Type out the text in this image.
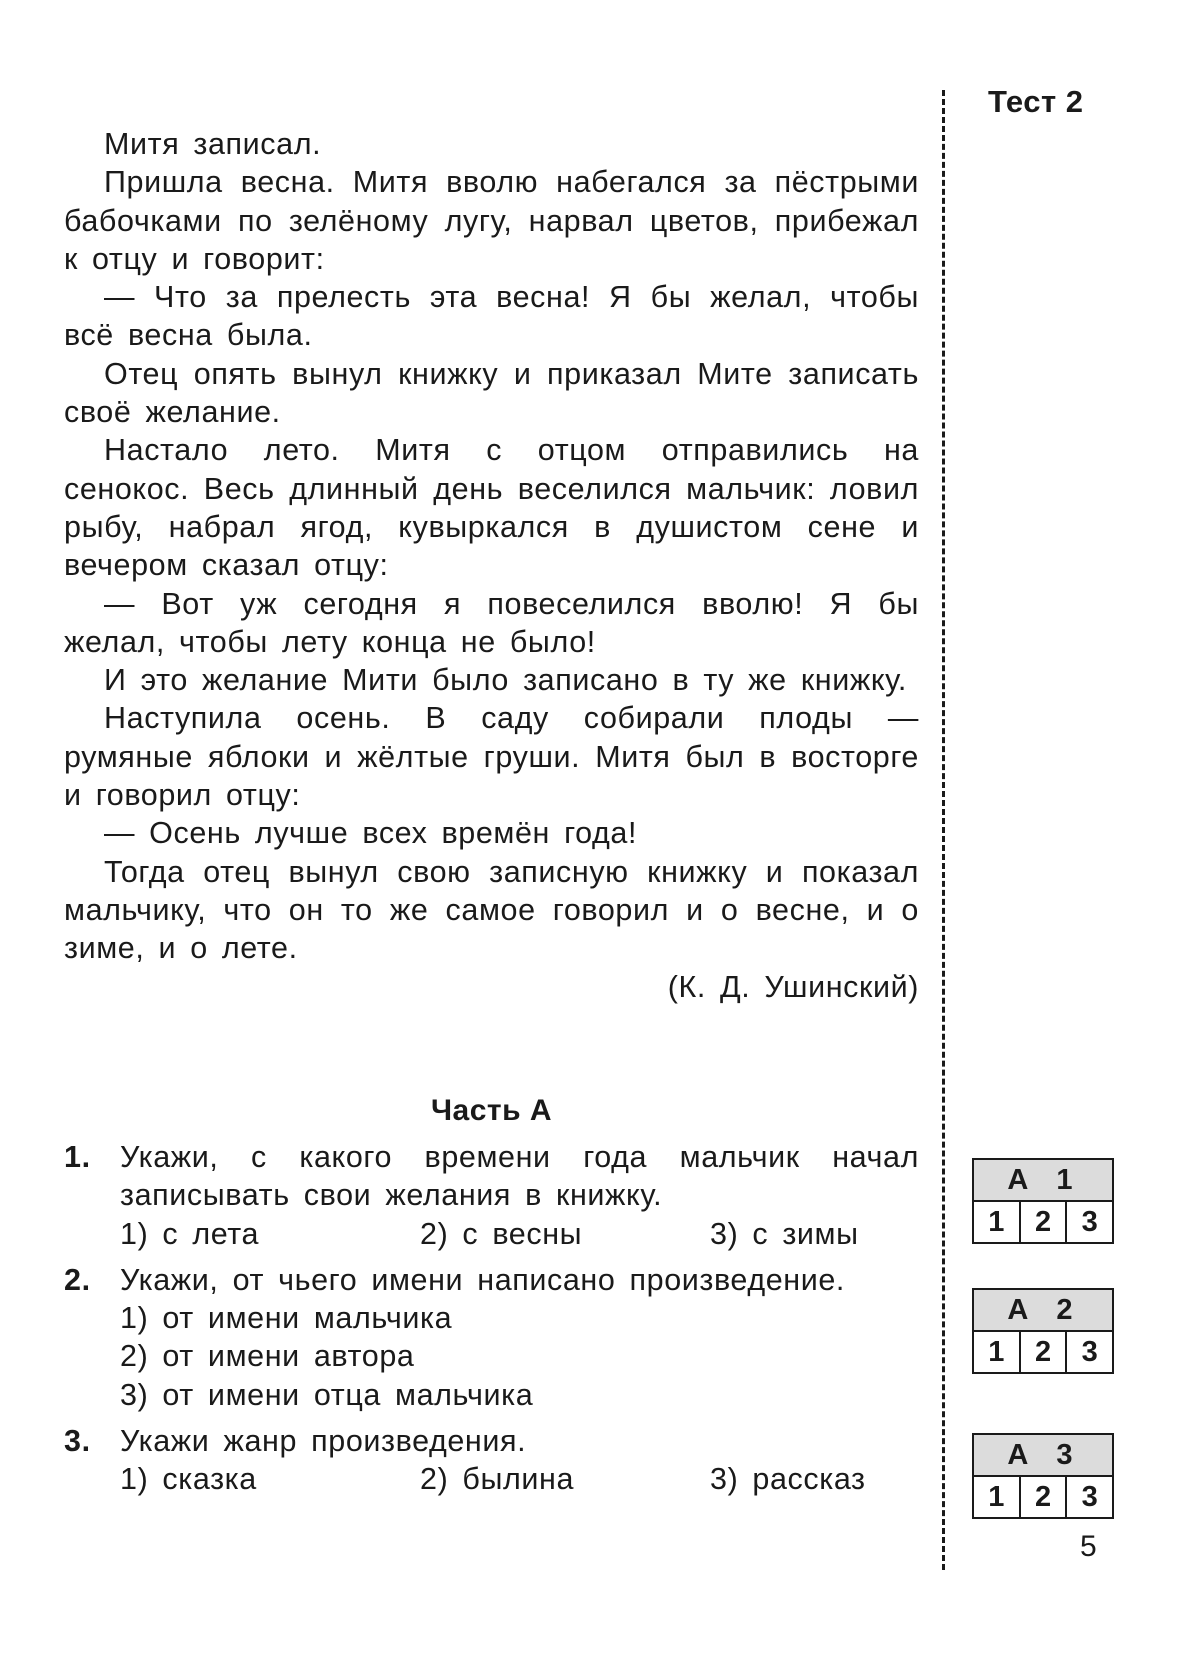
Тест 2

Митя записал.

Пришла весна. Митя вволю набегался за пёстрыми бабочками по зелёному лугу, нарвал цветов, прибежал к отцу и говорит:

— Что за прелесть эта весна! Я бы желал, чтобы всё весна была.

Отец опять вынул книжку и приказал Мите записать своё желание.

Настало лето. Митя с отцом отправились на сенокос. Весь длинный день веселился мальчик: ловил рыбу, набрал ягод, кувыркался в душистом сене и вечером сказал отцу:

— Вот уж сегодня я повеселился вволю! Я бы желал, чтобы лету конца не было!

И это желание Мити было записано в ту же книжку.

Наступила осень. В саду собирали плоды — румяные яблоки и жёлтые груши. Митя был в восторге и говорил отцу:

— Осень лучше всех времён года!

Тогда отец вынул свою записную книжку и показал мальчику, что он то же самое говорил и о весне, и о зиме, и о лете.

(К. Д. Ушинский)

Часть А
1. Укажи, с какого времени года мальчик начал записывать свои желания в книжку.
1) с лета	2) с весны	3) с зимы
2. Укажи, от чьего имени написано произведение.
1) от имени мальчика
2) от имени автора
3) от имени отца мальчика
3. Укажи жанр произведения.
1) сказка	2) былина	3) рассказ
А 1
1	2	3
А 2
1	2	3
А 3
1	2	3
5
